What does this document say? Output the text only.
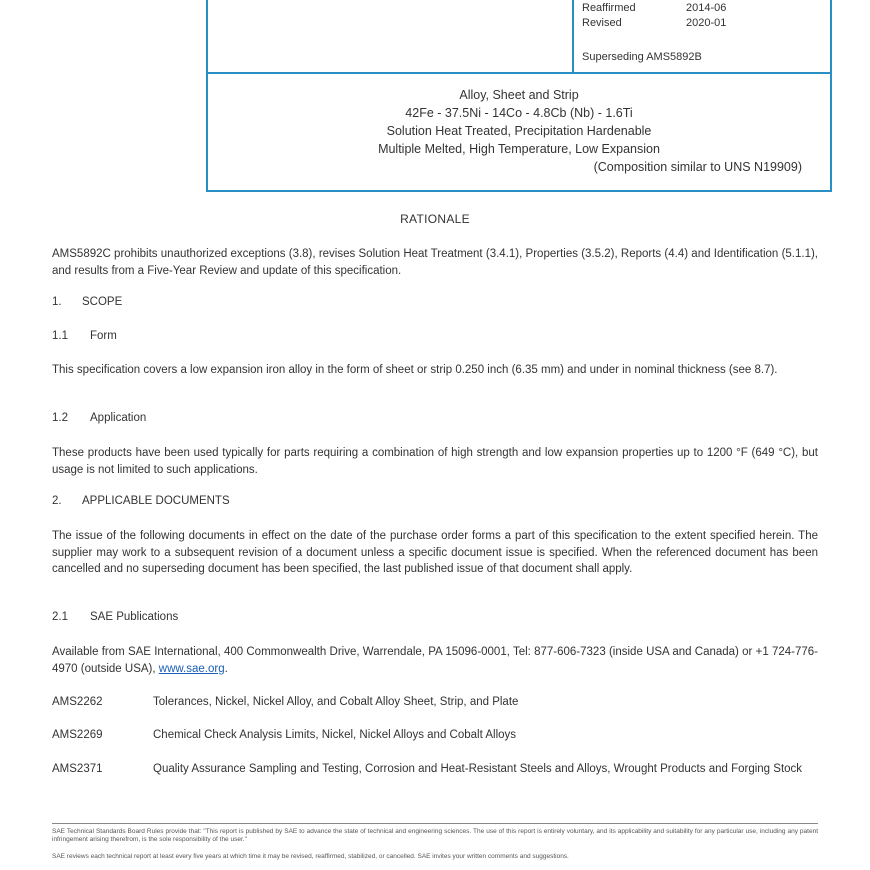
Reaffirmed	2014-06
Revised	2020-01
Superseding AMS5892B
Alloy, Sheet and Strip
42Fe - 37.5Ni - 14Co - 4.8Cb (Nb) - 1.6Ti
Solution Heat Treated, Precipitation Hardenable
Multiple Melted, High Temperature, Low Expansion
(Composition similar to UNS N19909)
RATIONALE
AMS5892C prohibits unauthorized exceptions (3.8), revises Solution Heat Treatment (3.4.1), Properties (3.5.2), Reports (4.4) and Identification (5.1.1), and results from a Five-Year Review and update of this specification.
1. SCOPE
1.1 Form
This specification covers a low expansion iron alloy in the form of sheet or strip 0.250 inch (6.35 mm) and under in nominal thickness (see 8.7).
1.2 Application
These products have been used typically for parts requiring a combination of high strength and low expansion properties up to 1200 °F (649 °C), but usage is not limited to such applications.
2. APPLICABLE DOCUMENTS
The issue of the following documents in effect on the date of the purchase order forms a part of this specification to the extent specified herein. The supplier may work to a subsequent revision of a document unless a specific document issue is specified. When the referenced document has been cancelled and no superseding document has been specified, the last published issue of that document shall apply.
2.1 SAE Publications
Available from SAE International, 400 Commonwealth Drive, Warrendale, PA 15096-0001, Tel: 877-606-7323 (inside USA and Canada) or +1 724-776-4970 (outside USA), www.sae.org.
AMS2262	Tolerances, Nickel, Nickel Alloy, and Cobalt Alloy Sheet, Strip, and Plate
AMS2269	Chemical Check Analysis Limits, Nickel, Nickel Alloys and Cobalt Alloys
AMS2371	Quality Assurance Sampling and Testing, Corrosion and Heat-Resistant Steels and Alloys, Wrought Products and Forging Stock
SAE Technical Standards Board Rules provide that: "This report is published by SAE to advance the state of technical and engineering sciences. The use of this report is entirely voluntary, and its applicability and suitability for any particular use, including any patent infringement arising therefrom, is the sole responsibility of the user."
SAE reviews each technical report at least every five years at which time it may be revised, reaffirmed, stabilized, or cancelled. SAE invites your written comments and suggestions.
